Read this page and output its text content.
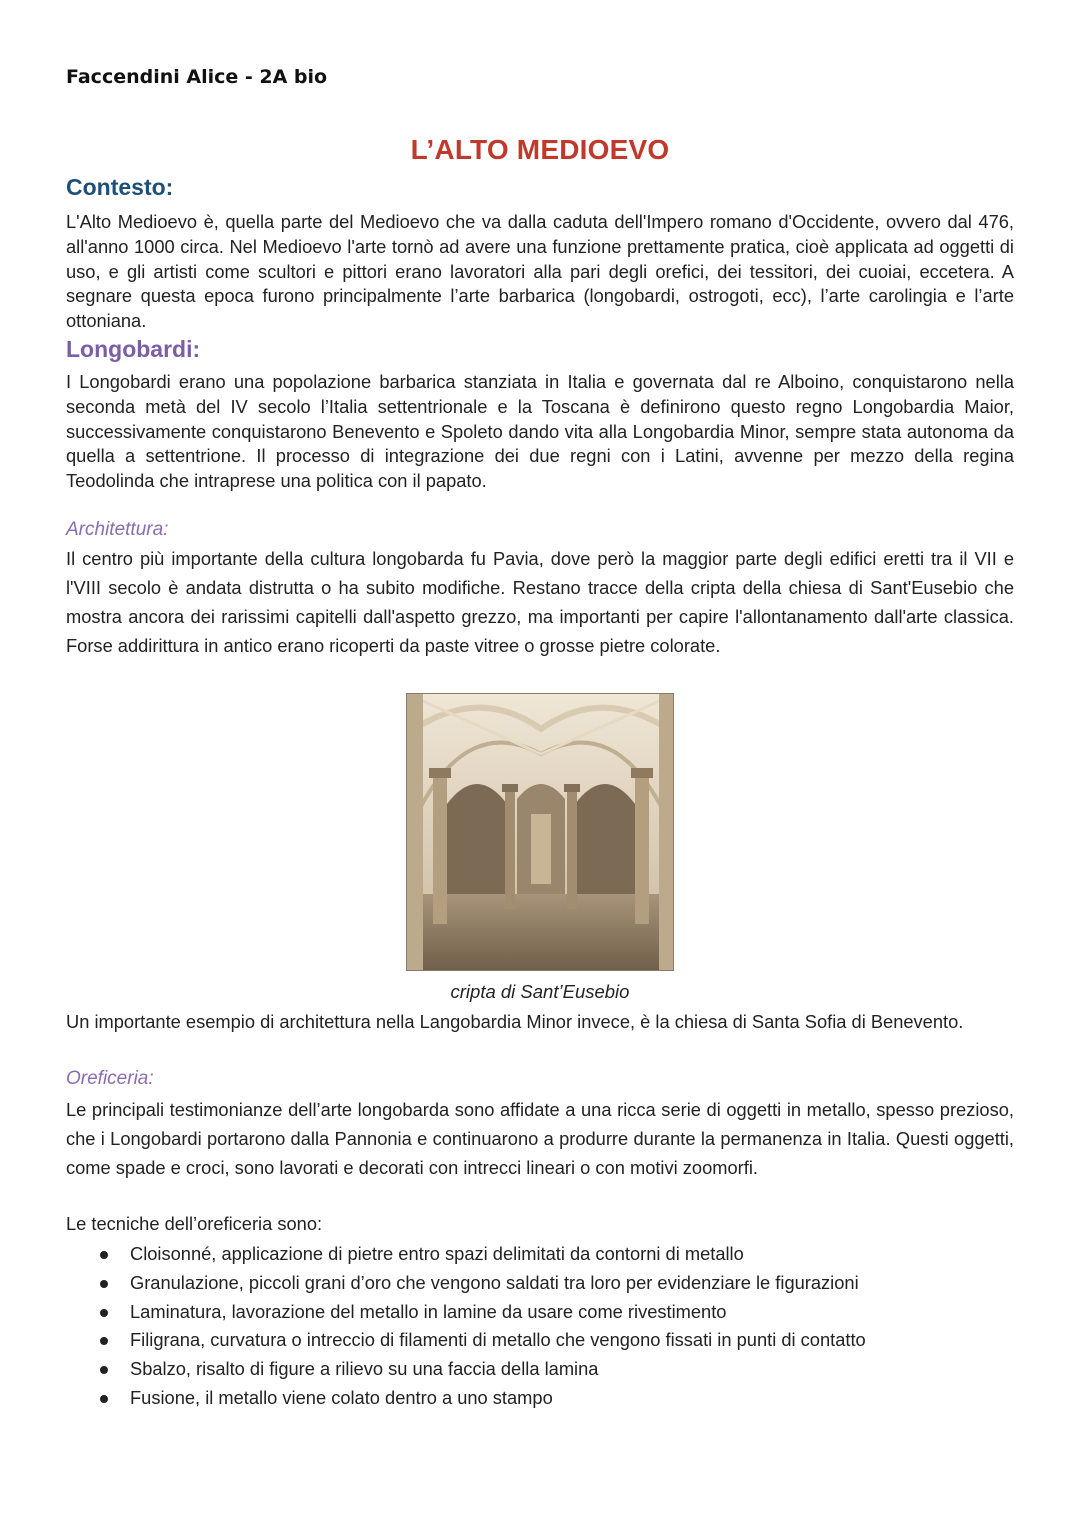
Faccendini Alice - 2A bio
L’ALTO MEDIOEVO
Contesto:
L'Alto Medioevo è, quella parte del Medioevo che va dalla caduta dell'Impero romano d'Occidente, ovvero dal 476, all'anno 1000 circa. Nel Medioevo l'arte tornò ad avere una funzione prettamente pratica, cioè applicata ad oggetti di uso, e gli artisti come scultori e pittori erano lavoratori alla pari degli orefici, dei tessitori, dei cuoiai, eccetera. A segnare questa epoca furono principalmente l’arte barbarica (longobardi, ostrogoti, ecc), l’arte carolingia e l’arte ottoniana.
Longobardi:
I Longobardi erano una popolazione barbarica stanziata in Italia e governata dal re Alboino, conquistarono nella seconda metà del IV secolo l’Italia settentrionale e la Toscana è definirono questo regno Longobardia Maior, successivamente conquistarono Benevento e Spoleto dando vita alla Longobardia Minor, sempre stata autonoma da quella a settentrione. Il processo di integrazione dei due regni con i Latini, avvenne per mezzo della regina Teodolinda che intraprese una politica con il papato.
Architettura:
Il centro più importante della cultura longobarda fu Pavia, dove però la maggior parte degli edifici eretti tra il VII e l'VIII secolo è andata distrutta o ha subito modifiche. Restano tracce della cripta della chiesa di Sant'Eusebio che mostra ancora dei rarissimi capitelli dall'aspetto grezzo, ma importanti per capire l'allontanamento dall'arte classica. Forse addirittura in antico erano ricoperti da paste vitree o grosse pietre colorate.
cripta di Sant’Eusebio
Un importante esempio di architettura nella Langobardia Minor invece, è la chiesa di Santa Sofia di Benevento.
Oreficeria:
Le principali testimonianze dell’arte longobarda sono affidate a una ricca serie di oggetti in metallo, spesso prezioso, che i Longobardi portarono dalla Pannonia e continuarono a produrre durante la permanenza in Italia. Questi oggetti, come spade e croci, sono lavorati e decorati con intrecci lineari o con motivi zoomorfi.
Le tecniche dell’oreficeria sono:
Cloisonné, applicazione di pietre entro spazi delimitati da contorni di metallo
Granulazione, piccoli grani d’oro che vengono saldati tra loro per evidenziare le figurazioni
Laminatura, lavorazione del metallo in lamine da usare come rivestimento
Filigrana, curvatura o intreccio di filamenti di metallo che vengono fissati in punti di contatto
Sbalzo, risalto di figure a rilievo su una faccia della lamina
Fusione, il metallo viene colato dentro a uno stampo
